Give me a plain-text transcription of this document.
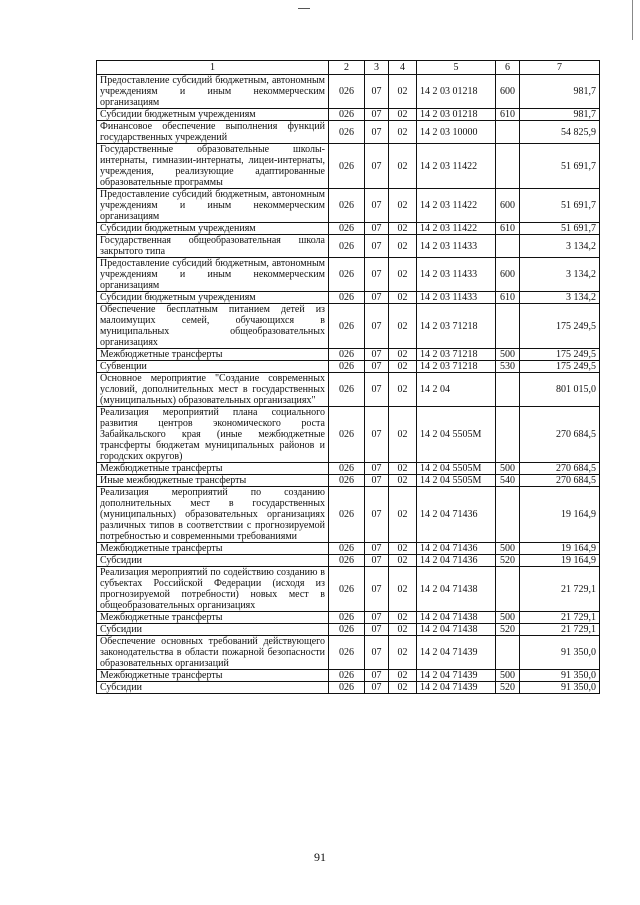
1	2	3	4	5	6	7
Предоставление субсидий бюджетным, автономным учреждениям и иным некоммерческим организациям	026	07	02	14 2 03 01218	600	981,7
Субсидии бюджетным учреждениям	026	07	02	14 2 03 01218	610	981,7
Финансовое обеспечение выполнения функций государственных учреждений	026	07	02	14 2 03 10000		54 825,9
Государственные образовательные школы-интернаты, гимназии-интернаты, лицеи-интернаты, учреждения, реализующие адаптированные образовательные программы	026	07	02	14 2 03 11422		51 691,7
Предоставление субсидий бюджетным, автономным учреждениям и иным некоммерческим организациям	026	07	02	14 2 03 11422	600	51 691,7
Субсидии бюджетным учреждениям	026	07	02	14 2 03 11422	610	51 691,7
Государственная общеобразовательная школа закрытого типа	026	07	02	14 2 03 11433		3 134,2
Предоставление субсидий бюджетным, автономным учреждениям и иным некоммерческим организациям	026	07	02	14 2 03 11433	600	3 134,2
Субсидии бюджетным учреждениям	026	07	02	14 2 03 11433	610	3 134,2
Обеспечение бесплатным питанием детей из малоимущих семей, обучающихся в муниципальных общеобразовательных организациях	026	07	02	14 2 03 71218		175 249,5
Межбюджетные трансферты	026	07	02	14 2 03 71218	500	175 249,5
Субвенции	026	07	02	14 2 03 71218	530	175 249,5
Основное мероприятие "Создание современных условий, дополнительных мест в государственных (муниципальных) образовательных организациях"	026	07	02	14 2 04		801 015,0
Реализация мероприятий плана социального развития центров экономического роста Забайкальского края (иные межбюджетные трансферты бюджетам муниципальных районов и городских округов)	026	07	02	14 2 04 5505M		270 684,5
Межбюджетные трансферты	026	07	02	14 2 04 5505M	500	270 684,5
Иные межбюджетные трансферты	026	07	02	14 2 04 5505M	540	270 684,5
Реализация мероприятий по созданию дополнительных мест в государственных (муниципальных) образовательных организациях различных типов в соответствии с прогнозируемой потребностью и современными требованиями	026	07	02	14 2 04 71436		19 164,9
Межбюджетные трансферты	026	07	02	14 2 04 71436	500	19 164,9
Субсидии	026	07	02	14 2 04 71436	520	19 164,9
Реализация мероприятий по содействию созданию в субъектах Российской Федерации (исходя из прогнозируемой потребности) новых мест в общеобразовательных организациях	026	07	02	14 2 04 71438		21 729,1
Межбюджетные трансферты	026	07	02	14 2 04 71438	500	21 729,1
Субсидии	026	07	02	14 2 04 71438	520	21 729,1
Обеспечение основных требований действующего законодательства в области пожарной безопасности образовательных организаций	026	07	02	14 2 04 71439		91 350,0
Межбюджетные трансферты	026	07	02	14 2 04 71439	500	91 350,0
Субсидии	026	07	02	14 2 04 71439	520	91 350,0
91
